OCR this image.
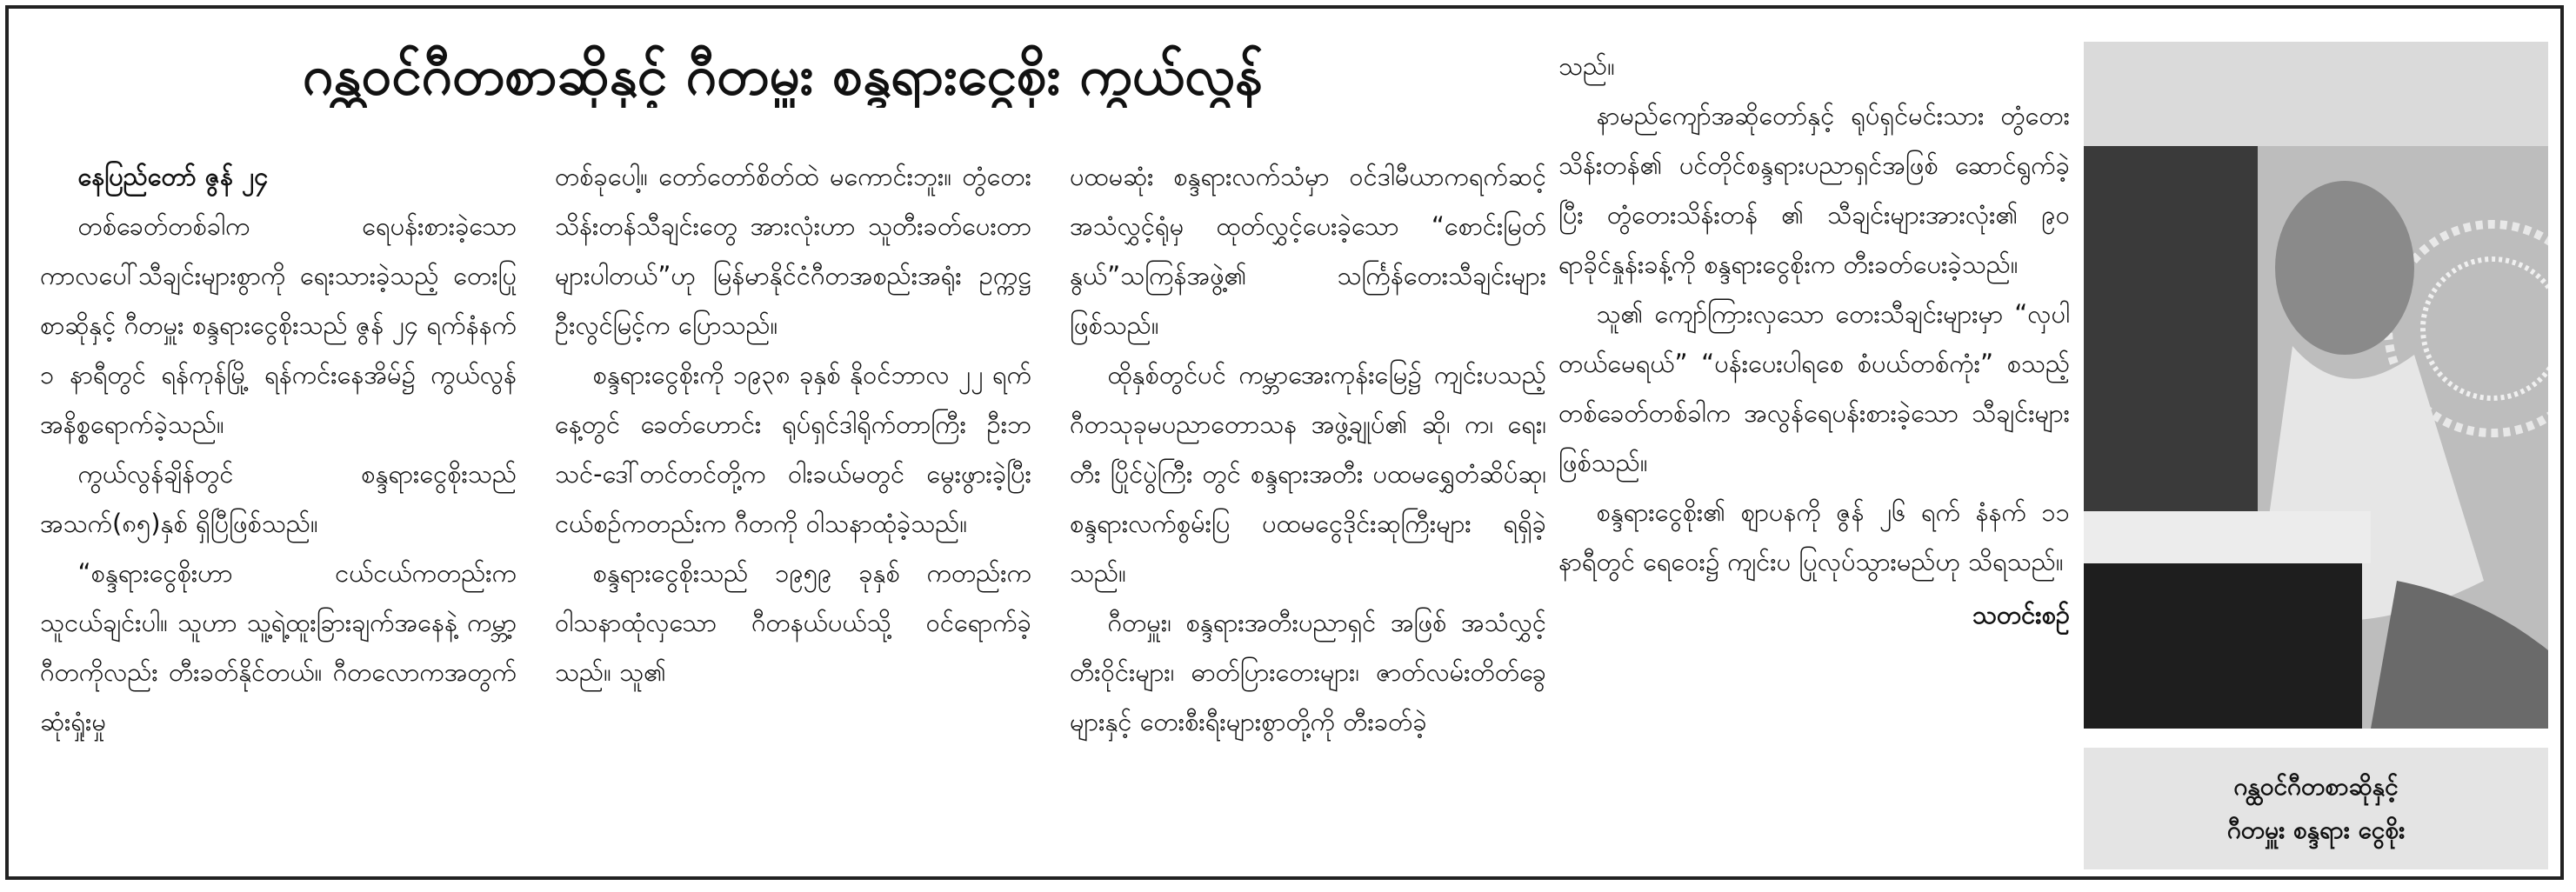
ဂန္ထဝင်ဂီတစာဆိုနှင့် ဂီတမှူး စန္ဒရားငွေစိုး ကွယ်လွန်

နေပြည်တော် ဇွန် ၂၄

တစ်ခေတ်တစ်ခါက ရေပန်းစားခဲ့သော ကာလပေါ်သီချင်းများစွာကို ရေးသားခဲ့သည့် တေးပြုစာဆိုနှင့် ဂီတမှူး စန္ဒရားငွေစိုးသည် ဇွန် ၂၄ ရက်နံနက် ၁ နာရီတွင် ရန်ကုန်မြို့ ရန်ကင်းနေအိမ်၌ ကွယ်လွန်အနိစ္စရောက်ခဲ့သည်။

ကွယ်လွန်ချိန်တွင် စန္ဒရားငွေစိုးသည် အသက်(၈၅)နှစ် ရှိပြီဖြစ်သည်။

“စန္ဒရားငွေစိုးဟာ ငယ်ငယ်ကတည်းက သူငယ်ချင်းပါ။ သူဟာ သူ့ရဲ့ထူးခြားချက်အနေနဲ့ ကမ္ဘာ့ဂီတကိုလည်း တီးခတ်နိုင်တယ်။ ဂီတလောကအတွက် ဆုံးရှုံးမှု

တစ်ခုပေါ့။ တော်တော်စိတ်ထဲ မကောင်းဘူး။ တွံတေးသိန်းတန်သီချင်းတွေ အားလုံးဟာ သူတီးခတ်ပေးတာ များပါတယ်”ဟု မြန်မာနိုင်ငံဂီတအစည်းအရုံး ဥက္ကဋ္ဌ ဦးလွင်မြင့်က ပြောသည်။

စန္ဒရားငွေစိုးကို ၁၉၃၈ ခုနှစ် နိုဝင်ဘာလ ၂၂ ရက်နေ့တွင် ခေတ်ဟောင်း ရုပ်ရှင်ဒါရိုက်တာကြီး ဦးဘသင်-ဒေါ်တင်တင်တို့က ဝါးခယ်မတွင် မွေးဖွားခဲ့ပြီး ငယ်စဉ်ကတည်းက ဂီတကို ဝါသနာထုံခဲ့သည်။

စန္ဒရားငွေစိုးသည် ၁၉၅၉ ခုနှစ် ကတည်းက ဝါသနာထုံလှသော ဂီတနယ်ပယ်သို့ ဝင်ရောက်ခဲ့သည်။ သူ၏

ပထမဆုံး စန္ဒရားလက်သံမှာ ဝင်ဒါမီယာကရက်ဆင့် အသံလွှင့်ရုံမှ ထုတ်လွှင့်ပေးခဲ့သော “စောင်းမြတ်နွယ်”သကြန်အဖွဲ့၏ သင်္ကြန်တေးသီချင်းများဖြစ်သည်။

ထိုနှစ်တွင်ပင် ကမ္ဘာအေးကုန်းမြေ၌ ကျင်းပသည့် ဂီတသုခုမပညာတောသန အဖွဲ့ချုပ်၏ ဆို၊ က၊ ရေး၊ တီး ပြိုင်ပွဲကြီး တွင် စန္ဒရားအတီး ပထမရွှေတံဆိပ်ဆု၊ စန္ဒရားလက်စွမ်းပြ ပထမငွေဒိုင်းဆုကြီးများ ရရှိခဲ့သည်။

ဂီတမှူး၊ စန္ဒရားအတီးပညာရှင် အဖြစ် အသံလွှင့်တီးဝိုင်းများ၊ ဓာတ်ပြားတေးများ၊ ဇာတ်လမ်းတိတ်ခွေများနှင့် တေးစီးရီးများစွာတို့ကို တီးခတ်ခဲ့

သည်။

နာမည်ကျော်အဆိုတော်နှင့် ရုပ်ရှင်မင်းသား တွံတေးသိန်းတန်၏ ပင်တိုင်စန္ဒရားပညာရှင်အဖြစ် ဆောင်ရွက်ခဲ့ပြီး တွံတေးသိန်းတန် ၏ သီချင်းများအားလုံး၏ ၉၀ ရာခိုင်နှုန်းခန့်ကို စန္ဒရားငွေစိုးက တီးခတ်ပေးခဲ့သည်။

သူ၏ ကျော်ကြားလှသော တေးသီချင်းများမှာ “လှပါတယ်မေရယ်” “ပန်းပေးပါရစေ စံပယ်တစ်ကုံး” စသည့် တစ်ခေတ်တစ်ခါက အလွန်ရေပန်းစားခဲ့သော သီချင်းများဖြစ်သည်။

စန္ဒရားငွေစိုး၏ ဈာပနကို ဇွန် ၂၆ ရက် နံနက် ၁၁ နာရီတွင် ရေဝေး၌ ကျင်းပ ပြုလုပ်သွားမည်ဟု သိရသည်။

သတင်းစဉ်
ဂန္ထဝင်ဂီတစာဆိုနှင့်
ဂီတမှူး စန္ဒရား ငွေစိုး
